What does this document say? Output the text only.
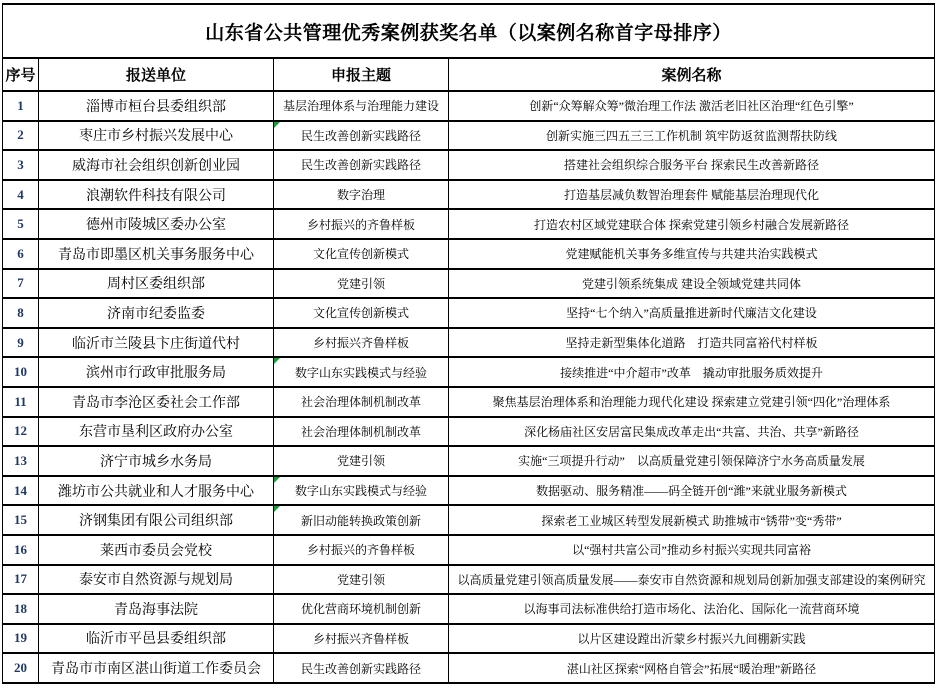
山东省公共管理优秀案例获奖名单（以案例名称首字母排序）			
序号	报送单位	申报主题	案例名称
1	淄博市桓台县委组织部	基层治理体系与治理能力建设	创新“众筹解众筹”微治理工作法 激活老旧社区治理“红色引擎”
2	枣庄市乡村振兴发展中心	民生改善创新实践路径	创新实施三四五三三工作机制 筑牢防返贫监测帮扶防线
3	威海市社会组织创新创业园	民生改善创新实践路径	搭建社会组织综合服务平台 探索民生改善新路径
4	浪潮软件科技有限公司	数字治理	打造基层减负数智治理套件 赋能基层治理现代化
5	德州市陵城区委办公室	乡村振兴的齐鲁样板	打造农村区域党建联合体 探索党建引领乡村融合发展新路径
6	青岛市即墨区机关事务服务中心	文化宣传创新模式	党建赋能机关事务多维宣传与共建共治实践模式
7	周村区委组织部	党建引领	党建引领系统集成 建设全领域党建共同体
8	济南市纪委监委	文化宣传创新模式	坚持“七个纳入”高质量推进新时代廉洁文化建设
9	临沂市兰陵县卞庄街道代村	乡村振兴齐鲁样板	坚持走新型集体化道路　打造共同富裕代村样板
10	滨州市行政审批服务局	数字山东实践模式与经验	接续推进“中介超市”改革　撬动审批服务质效提升
11	青岛市李沧区委社会工作部	社会治理体制机制改革	聚焦基层治理体系和治理能力现代化建设 探索建立党建引领“四化”治理体系
12	东营市垦利区政府办公室	社会治理体制机制改革	深化杨庙社区安居富民集成改革走出“共富、共治、共享”新路径
13	济宁市城乡水务局	党建引领	实施“三项提升行动”　以高质量党建引领保障济宁水务高质量发展
14	潍坊市公共就业和人才服务中心	数字山东实践模式与经验	数据驱动、服务精准——码全链开创“潍”来就业服务新模式
15	济钢集团有限公司组织部	新旧动能转换政策创新	探索老工业城区转型发展新模式 助推城市“锈带”变“秀带”
16	莱西市委员会党校	乡村振兴的齐鲁样板	以“强村共富公司”推动乡村振兴实现共同富裕
17	泰安市自然资源与规划局	党建引领	以高质量党建引领高质量发展——泰安市自然资源和规划局创新加强支部建设的案例研究
18	青岛海事法院	优化营商环境机制创新	以海事司法标准供给打造市场化、法治化、国际化一流营商环境
19	临沂市平邑县委组织部	乡村振兴齐鲁样板	以片区建设蹚出沂蒙乡村振兴九间棚新实践
20	青岛市市南区湛山街道工作委员会	民生改善创新实践路径	湛山社区探索“网格自管会”拓展“暖治理”新路径
